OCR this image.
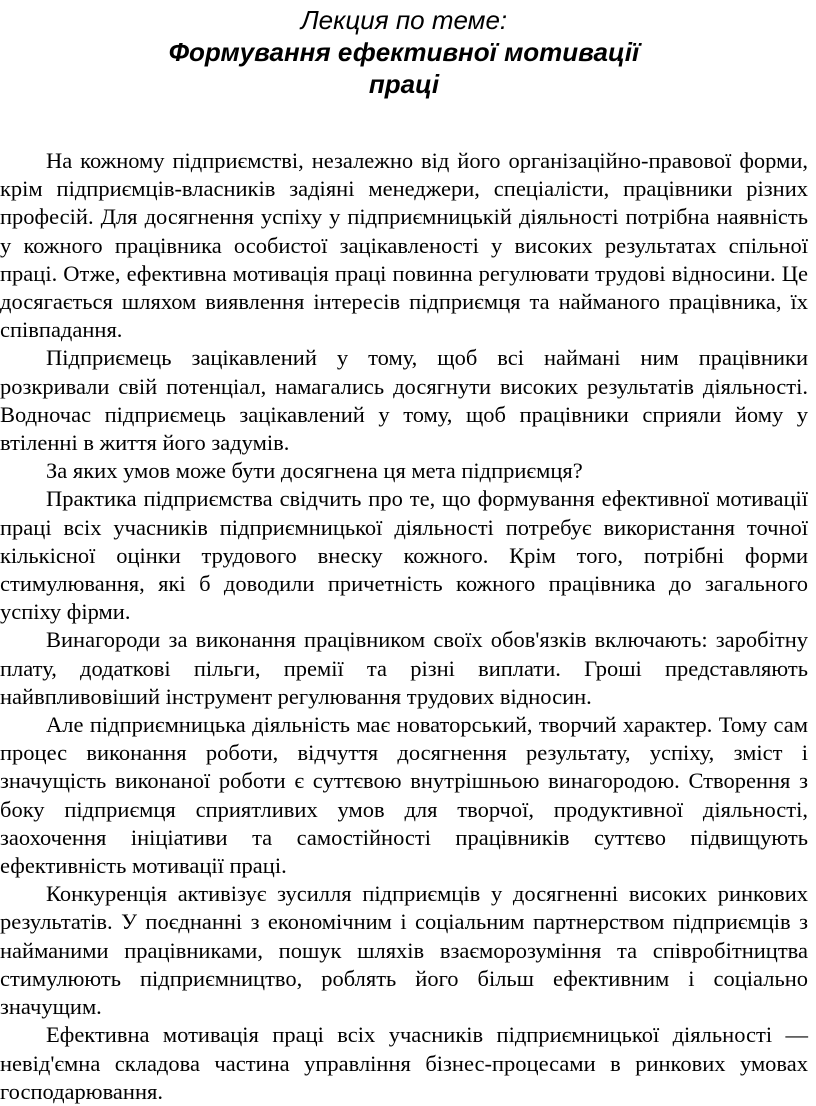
Лекция по теме:
Формування ефективної мотивації
праці

На кожному підприємстві, незалежно від його організаційно-правової форми, крім підприємців-власників задіяні менеджери, спеціалісти, працівники різних професій. Для досягнення успіху у підприємницькій діяльності потрібна наявність у кожного працівника особистої зацікавленості у високих результатах спільної праці. Отже, ефективна мотивація праці повинна регулювати трудові відносини. Це досягається шляхом виявлення інтересів підприємця та найманого працівника, їх співпадання.

Підприємець зацікавлений у тому, щоб всі наймані ним працівники розкривали свій потенціал, намагались досягнути високих результатів діяльності. Водночас підприємець зацікавлений у тому, щоб працівники сприяли йому у втіленні в життя його задумів.

За яких умов може бути досягнена ця мета підприємця?

Практика підприємства свідчить про те, що формування ефективної мотивації праці всіх учасників підприємницької діяльності потребує використання точної кількісної оцінки трудового внеску кожного. Крім того, потрібні форми стимулювання, які б доводили причетність кожного працівника до загального успіху фірми.

Винагороди за виконання працівником своїх обов'язків включають: заробітну плату, додаткові пільги, премії та різні виплати. Гроші представляють найвпливовіший інструмент регулювання трудових відносин.

Але підприємницька діяльність має новаторський, творчий характер. Тому сам процес виконання роботи, відчуття досягнення результату, успіху, зміст і значущість виконаної роботи є суттєвою внутрішньою винагородою. Створення з боку підприємця сприятливих умов для творчої, продуктивної діяльності, заохочення ініціативи та самостійності працівників суттєво підвищують ефективність мотивації праці.

Конкуренція активізує зусилля підприємців у досягненні високих ринкових результатів. У поєднанні з економічним і соціальним партнерством підприємців з найманими працівниками, пошук шляхів взаєморозуміння та співробітництва стимулюють підприємництво, роблять його більш ефективним і соціально значущим.

Ефективна мотивація праці всіх учасників підприємницької діяльності — невід'ємна складова частина управління бізнес-процесами в ринкових умовах господарювання.
